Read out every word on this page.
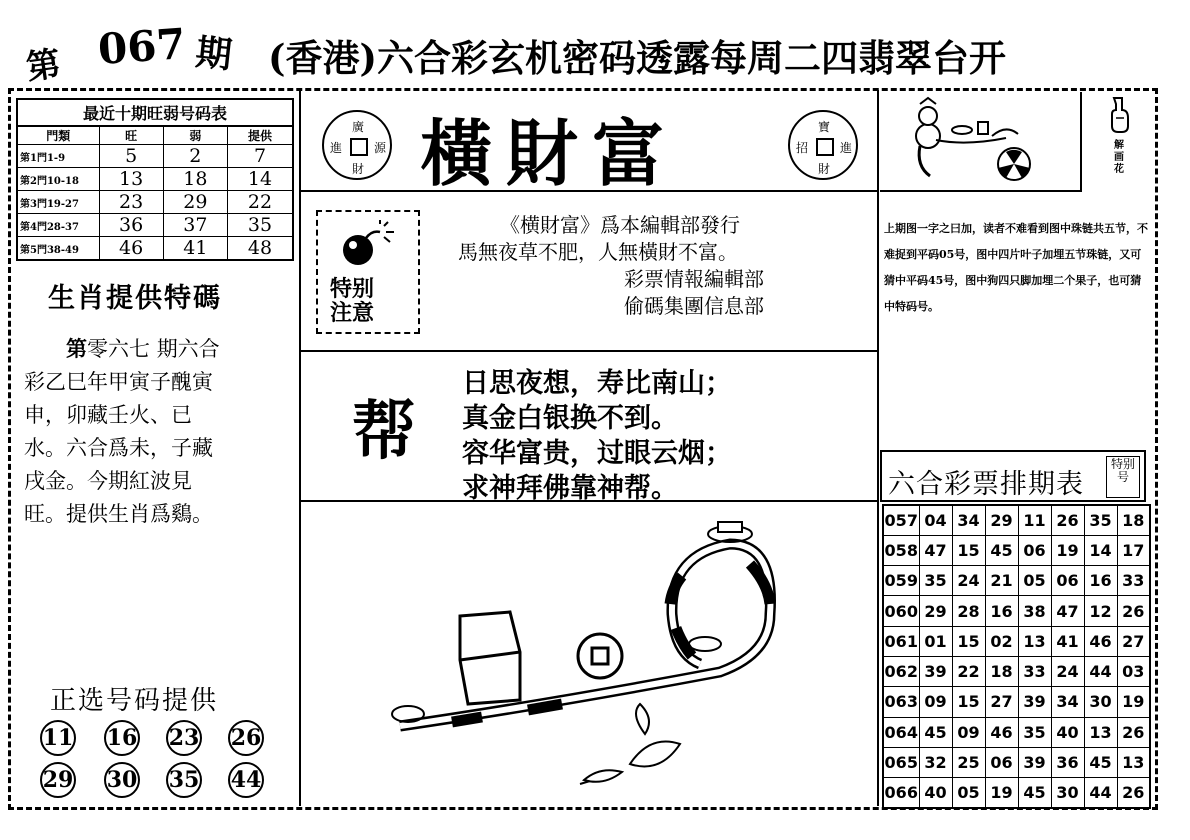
第 067 期 (香港)六合彩玄机密码透露每周二四翡翠台开
最近十期旺弱号码表
門類	旺	弱	提供
第1門1-9	5	2	7
第2門10-18	13	18	14
第3門19-27	23	29	22
第4門28-37	36	37	35
第5門38-49	46	41	48
生肖提供特碼
  第零六七 期六合
彩乙巳年甲寅子醜寅
申，卯藏壬火、已
水。六合爲未，子藏
戌金。今期紅波見
旺。提供生肖爲鷄。
正选号码提供
11 16 23 26
29 30 35 44
廣
進	源
財 橫財富	寶
招	進
財
特别
注意
《横財富》爲本編輯部發行
馬無夜草不肥，人無橫財不富。
彩票情報編輯部
偷碼集團信息部
帮
日思夜想，寿比南山；
真金白银换不到。
容华富贵，过眼云烟；
求神拜佛靠神帮。
解画花
上期图一字之曰加，读者不难看到图中珠链共五节，不难捉到平码05号，图中四片叶子加埋五节珠链，又可猜中平码45号，图中狗四只脚加埋二个果子，也可猜中特码号。
六合彩票排期表
特别号
057	04	34	29	11	26	35	18
058	47	15	45	06	19	14	17
059	35	24	21	05	06	16	33
060	29	28	16	38	47	12	26
061	01	15	02	13	41	46	27
062	39	22	18	33	24	44	03
063	09	15	27	39	34	30	19
064	45	09	46	35	40	13	26
065	32	25	06	39	36	45	13
066	40	05	19	45	30	44	26
